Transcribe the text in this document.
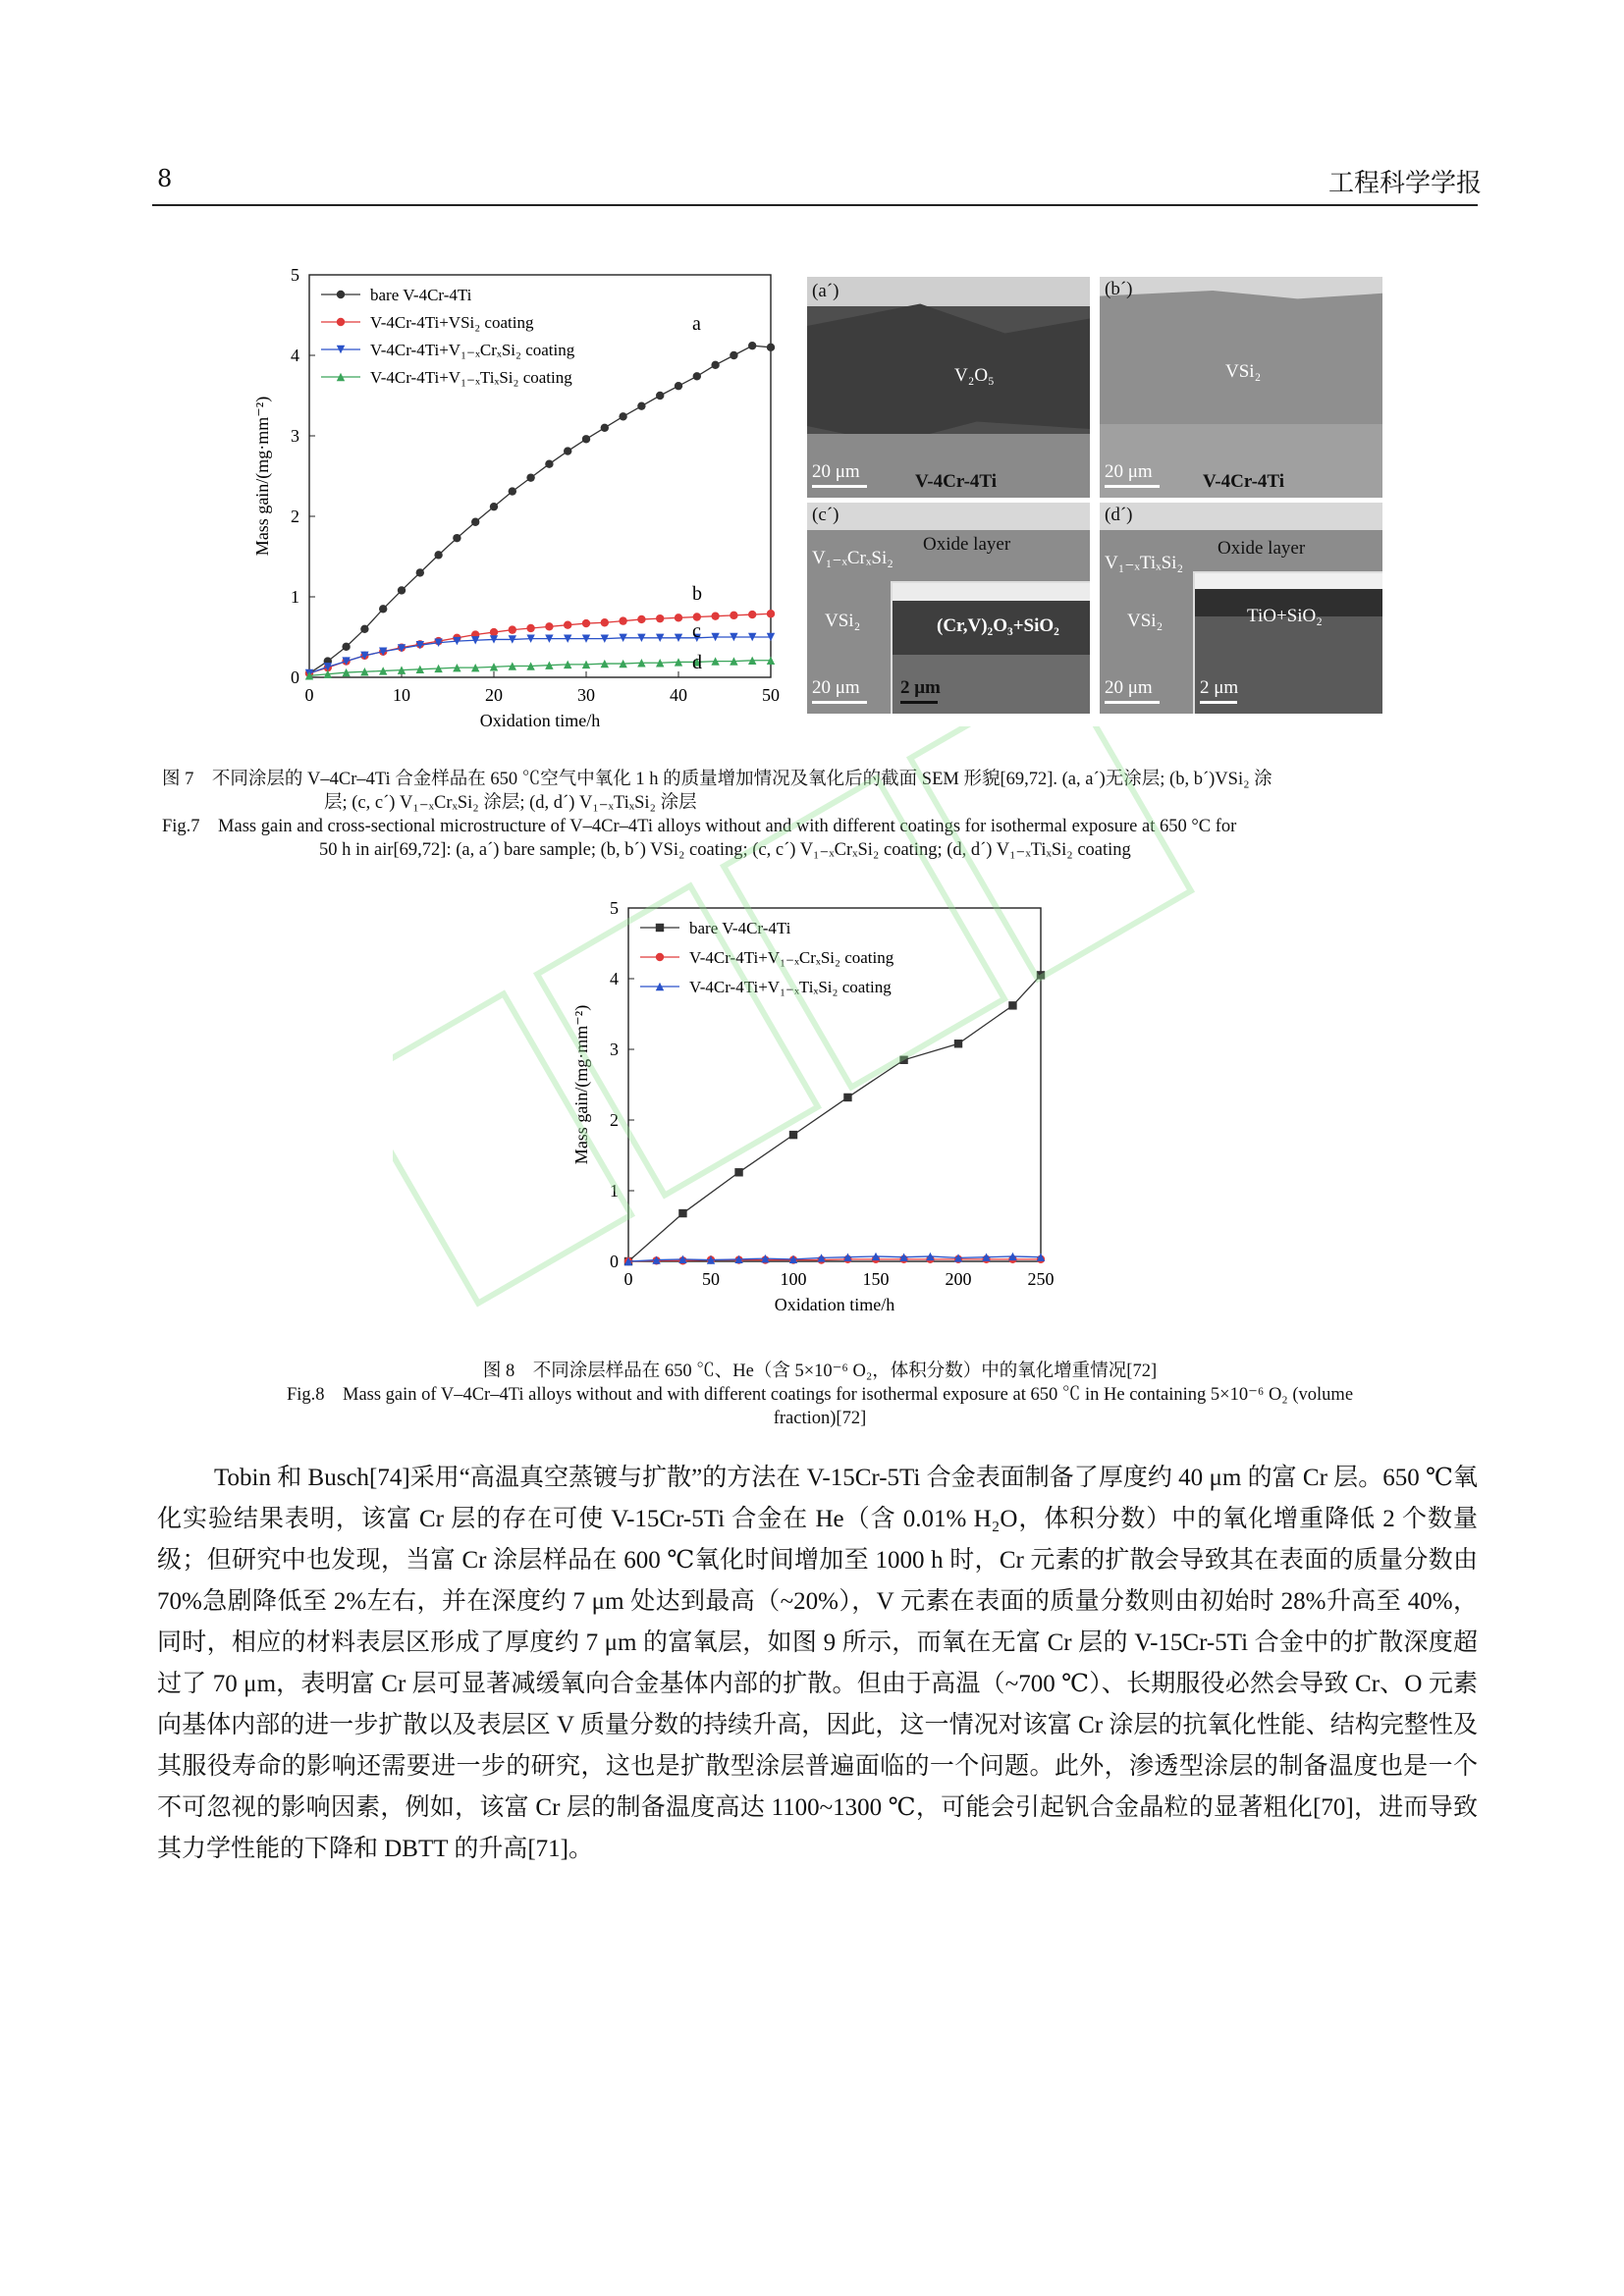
8	工程科学学报
0	10	20	30	40	50
0
1
2
3
4
5
Oxidation time/h
Mass gain/(mg·mm⁻²)
a
bare V-4Cr-4Ti
b
V-4Cr-4Ti+VSi₂ coating
c
V-4Cr-4Ti+V₁₋ₓCrₓSi₂ coating
d
V-4Cr-4Ti+V₁₋ₓTiₓSi₂ coating
(a´)
V₂O₅
V-4Cr-4Ti
20 μm
(b´)
VSi₂
V-4Cr-4Ti
20 μm
(c´)
Oxide layer
V₁₋ₓCrₓSi₂
VSi₂	(Cr,V)₂O₃+SiO₂
20 μm 2 μm
(d´)
Oxide layer
V₁₋ₓTiₓSi₂
VSi₂	TiO+SiO₂
20 μm	2 μm
图 7　不同涂层的 V–4Cr–4Ti 合金样品在 650 ℃空气中氧化 1 h 的质量增加情况及氧化后的截面 SEM 形貌[69,72]. (a, a´)无涂层; (b, b´)VSi₂ 涂
层; (c, c´) V₁₋ₓCrₓSi₂ 涂层; (d, d´) V₁₋ₓTiₓSi₂ 涂层
Fig.7　Mass gain and cross-sectional microstructure of V–4Cr–4Ti alloys without and with different coatings for isothermal exposure at 650 °C for
50 h in air[69,72]: (a, a´) bare sample; (b, b´) VSi₂ coating; (c, c´) V₁₋ₓCrₓSi₂ coating; (d, d´) V₁₋ₓTiₓSi₂ coating
0	50	100	150	200	250
0
1
2
3
4
5
Oxidation time/h
Mass gain/(mg·mm⁻²)
bare V-4Cr-4Ti
V-4Cr-4Ti+V₁₋ₓCrₓSi₂ coating
V-4Cr-4Ti+V₁₋ₓTiₓSi₂ coating
图 8　不同涂层样品在 650 ℃、He（含 5×10⁻⁶ O₂，体积分数）中的氧化增重情况[72]
Fig.8　Mass gain of V–4Cr–4Ti alloys without and with different coatings for isothermal exposure at 650 ℃ in He containing 5×10⁻⁶ O₂ (volume
fraction)[72]

Tobin 和 Busch[74]采用“高温真空蒸镀与扩散”的方法在 V-15Cr-5Ti 合金表面制备了厚度约 40 μm 的富 Cr 层。650 ℃氧化实验结果表明，该富 Cr 层的存在可使 V-15Cr-5Ti 合金在 He（含 0.01% H₂O，体积分数）中的氧化增重降低 2 个数量级；但研究中也发现，当富 Cr 涂层样品在 600 ℃氧化时间增加至 1000 h 时，Cr 元素的扩散会导致其在表面的质量分数由 70%急剧降低至 2%左右，并在深度约 7 μm 处达到最高（~20%），V 元素在表面的质量分数则由初始时 28%升高至 40%，同时，相应的材料表层区形成了厚度约 7 μm 的富氧层，如图 9 所示，而氧在无富 Cr 层的 V-15Cr-5Ti 合金中的扩散深度超过了 70 μm，表明富 Cr 层可显著减缓氧向合金基体内部的扩散。但由于高温（~700 ℃）、长期服役必然会导致 Cr、O 元素向基体内部的进一步扩散以及表层区 V 质量分数的持续升高，因此，这一情况对该富 Cr 涂层的抗氧化性能、结构完整性及其服役寿命的影响还需要进一步的研究，这也是扩散型涂层普遍面临的一个问题。此外，渗透型涂层的制备温度也是一个不可忽视的影响因素，例如，该富 Cr 层的制备温度高达 1100~1300 ℃，可能会引起钒合金晶粒的显著粗化[70]，进而导致其力学性能的下降和 DBTT 的升高[71]。
